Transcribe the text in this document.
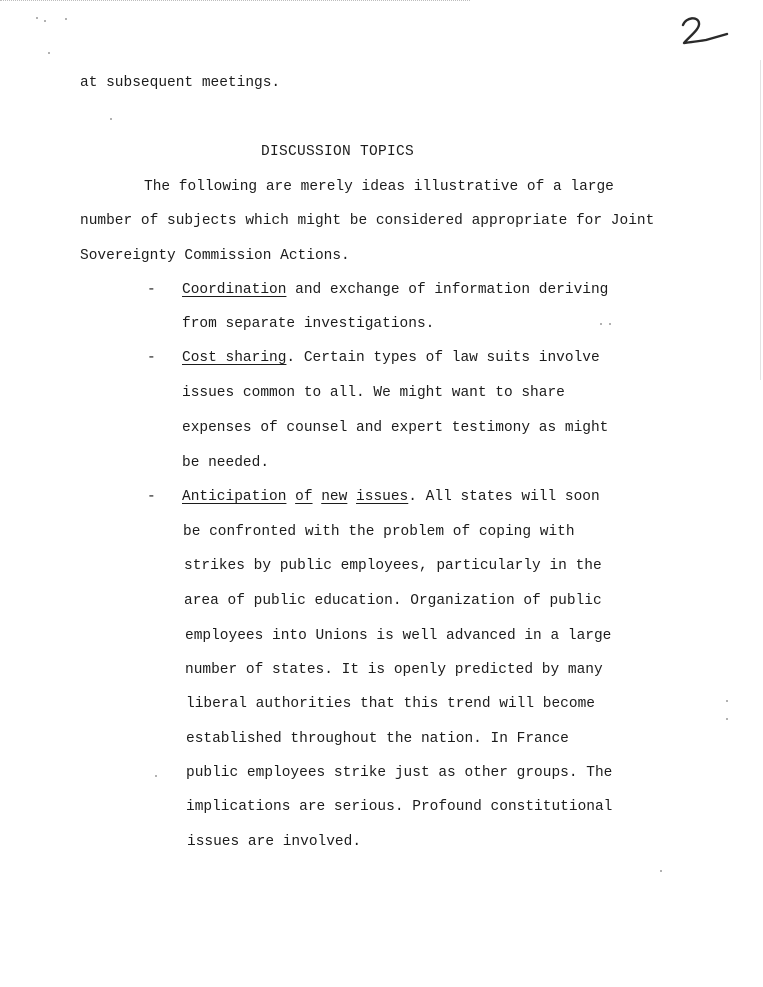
at subsequent meetings.
DISCUSSION TOPICS
The following are merely ideas illustrative of a large
number of subjects which might be considered appropriate for Joint
Sovereignty Commission Actions.
- Coordination and exchange of information deriving
from separate investigations.
- Cost sharing. Certain types of law suits involve
issues common to all. We might want to share
expenses of counsel and expert testimony as might
be needed.
- Anticipation of new issues. All states will soon
be confronted with the problem of coping with
strikes by public employees, particularly in the
area of public education. Organization of public
employees into Unions is well advanced in a large
number of states. It is openly predicted by many
liberal authorities that this trend will become
established throughout the nation. In France
public employees strike just as other groups. The
implications are serious. Profound constitutional
issues are involved.
